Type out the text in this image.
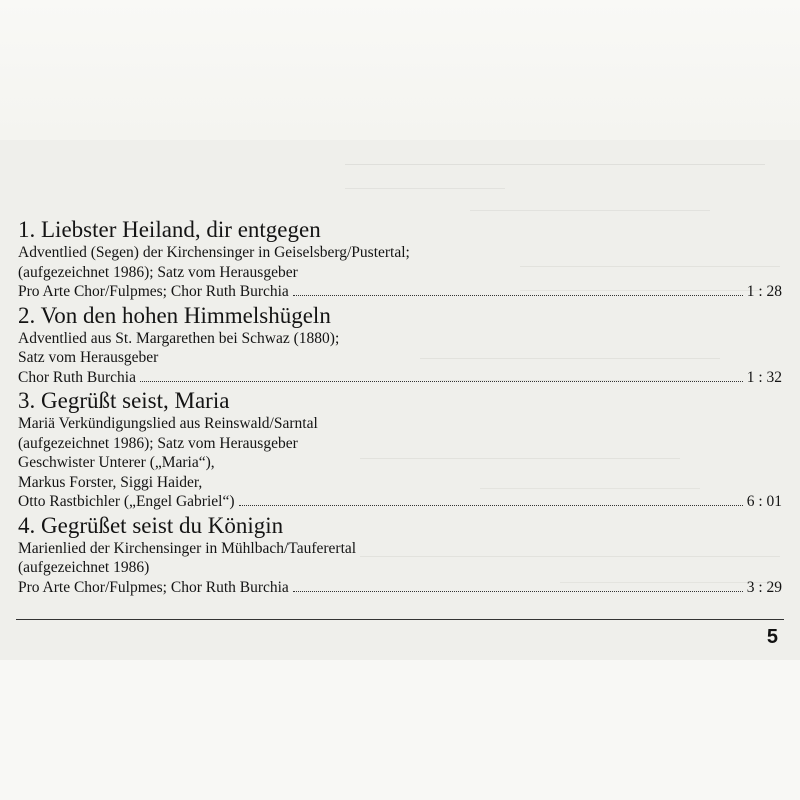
1. Liebster Heiland, dir entgegen
Adventlied (Segen) der Kirchensinger in Geiselsberg/Pustertal;
(aufgezeichnet 1986); Satz vom Herausgeber
Pro Arte Chor/Fulpmes; Chor Ruth Burchia	1 : 28
2. Von den hohen Himmelshügeln
Adventlied aus St. Margarethen bei Schwaz (1880);
Satz vom Herausgeber
Chor Ruth Burchia	1 : 32
3. Gegrüßt seist, Maria
Mariä Verkündigungslied aus Reinswald/Sarntal
(aufgezeichnet 1986); Satz vom Herausgeber
Geschwister Unterer („Maria“),
Markus Forster, Siggi Haider,
Otto Rastbichler („Engel Gabriel“)	6 : 01
4. Gegrüßet seist du Königin
Marienlied der Kirchensinger in Mühlbach/Tauferertal
(aufgezeichnet 1986)
Pro Arte Chor/Fulpmes; Chor Ruth Burchia	3 : 29
5
